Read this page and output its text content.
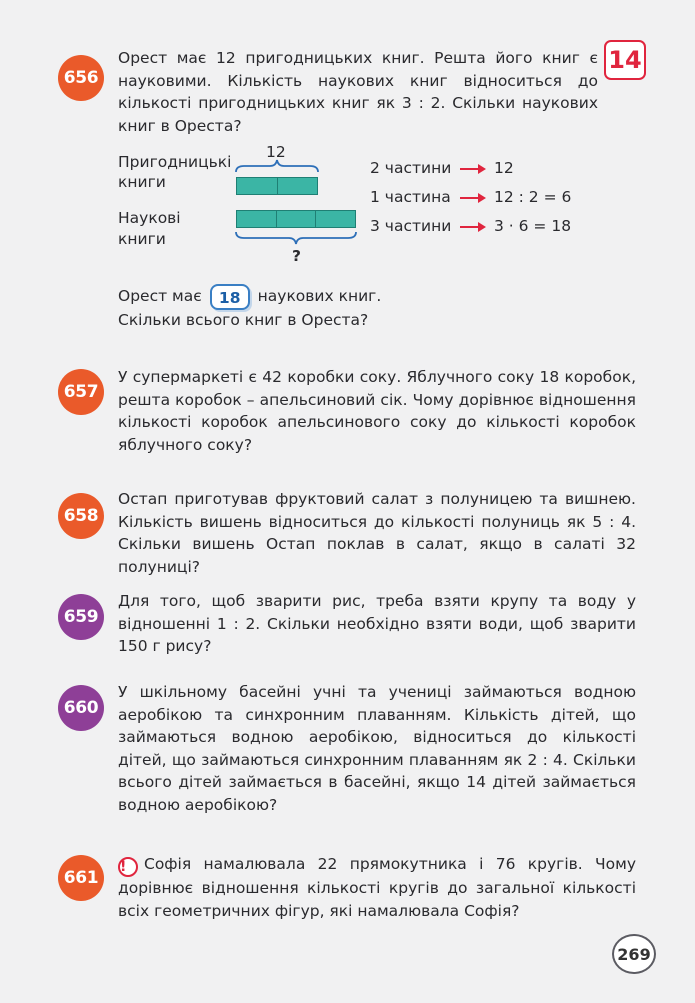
14
656

Орест має 12 пригодницьких книг. Решта його книг є науковими. Кількість наукових книг відноситься до кількості пригодницьких книг як 3 : 2. Скільки наукових книг в Ореста?

Пригодницькі
книги
Наукові
книги
12
?
2 частини	12
1 частина	12 : 2 = 6
3 частини	3 · 6 = 18
Орест має 18 наукових книг.
Скільки всього книг в Ореста?
657

У супермаркеті є 42 коробки соку. Яблучного соку 18 коробок, решта коробок – апельсиновий сік. Чому дорівнює відношення кількості коробок апельсинового соку до кількості коробок яблучного соку?

658

Остап приготував фруктовий салат з полуницею та вишнею. Кількість вишень відноситься до кількості полуниць як 5 : 4. Скільки вишень Остап поклав в салат, якщо в салаті 32 полуниці?

659

Для того, щоб зварити рис, треба взяти крупу та воду у відношенні 1 : 2. Скільки необхідно взяти води, щоб зварити 150 г рису?

660

У шкільному басейні учні та учениці займаються водною аеробікою та синхронним плаванням. Кількість дітей, що займаються водною аеробікою, відноситься до кількості дітей, що займаються синхронним плаванням як 2 : 4. Скільки всього дітей займається в басейні, якщо 14 дітей займається водною аеробікою?

661

! Софія намалювала 22 прямокутника і 76 кругів. Чому дорівнює відношення кількості кругів до загальної кількості всіх геометричних фігур, які намалювала Софія?

269
